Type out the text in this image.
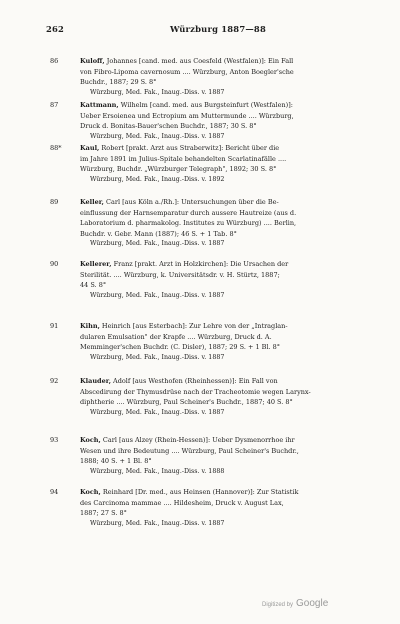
262	Würzburg 1887—88
86	Kuloff, Johannes [cand. med. aus Coesfeld (Westfalen)]: Ein Fall
von Fibro-Lipoma cavernosum .... Würzburg, Anton Boegler'sche
Buchdr., 1887; 29 S. 8°
Würzburg, Med. Fak., Inaug.-Diss. v. 1887
87	Kattmann, Wilhelm [cand. med. aus Burgsteinfurt (Westfalen)]:
Ueber Ersoienea und Ectropium am Muttermunde .... Würzburg,
Druck d. Bonitas-Bauer'schen Buchdr., 1887; 30 S. 8°
Würzburg, Med. Fak., Inaug.-Diss. v. 1887
88*	Kaul, Robert [prakt. Arzt aus Straberwitz]: Bericht über die
im Jahre 1891 im Julius-Spitale behandelten Scarlatinafälle ....
Würzburg, Buchdr. „Würzburger Telegraph", 1892; 30 S. 8°
Würzburg, Med. Fak., Inaug.-Diss. v. 1892
89	Keller, Carl [aus Köln a./Rh.]: Untersuchungen über die Be-
einflussung der Harnsemparatur durch aussere Hautreize (aus d.
Laboratorium d. pharmakolog. Institutes zu Würzburg) .... Berlin,
Buchdr. v. Gebr. Mann (1887); 46 S. + 1 Tab. 8°
Würzburg, Med. Fak., Inaug.-Diss. v. 1887
90	Kellerer, Franz [prakt. Arzt in Holzkirchen]: Die Ursachen der
Sterilität. .... Würzburg, k. Universitätsdr. v. H. Stürtz, 1887;
44 S. 8°
Würzburg, Med. Fak., Inaug.-Diss. v. 1887
91	Kihn, Heinrich [aus Esterbach]: Zur Lehre von der „Intraglan-
dularen Emulsation" der Krapfe .... Würzburg, Druck d. A.
Memminger'schen Buchdr. (C. Disler), 1887; 29 S. + 1 Bl. 8°
Würzburg, Med. Fak., Inaug.-Diss. v. 1887
92	Klauder, Adolf [aus Westhofen (Rheinhessen)]: Ein Fall von
Abscedirung der Thymusdrüse nach der Tracheotomie wegen Larynx-
diphtherie .... Würzburg, Paul Scheiner's Buchdr., 1887; 40 S. 8°
Würzburg, Med. Fak., Inaug.-Diss. v. 1887
93	Koch, Carl [aus Alzey (Rhein-Hessen)]: Ueber Dysmenorrhoe ihr
Wesen und ihre Bedeutung .... Würzburg, Paul Scheiner's Buchdr.,
1888; 40 S. + 1 Bl. 8°
Würzburg, Med. Fak., Inaug.-Diss. v. 1888
94	Koch, Reinhard [Dr. med., aus Heinsen (Hannover)]: Zur Statistik
des Carcinoma mammae .... Hildesheim, Druck v. August Lax,
1887; 27 S. 8°
Würzburg, Med. Fak., Inaug.-Diss. v. 1887
Digitized by Google
